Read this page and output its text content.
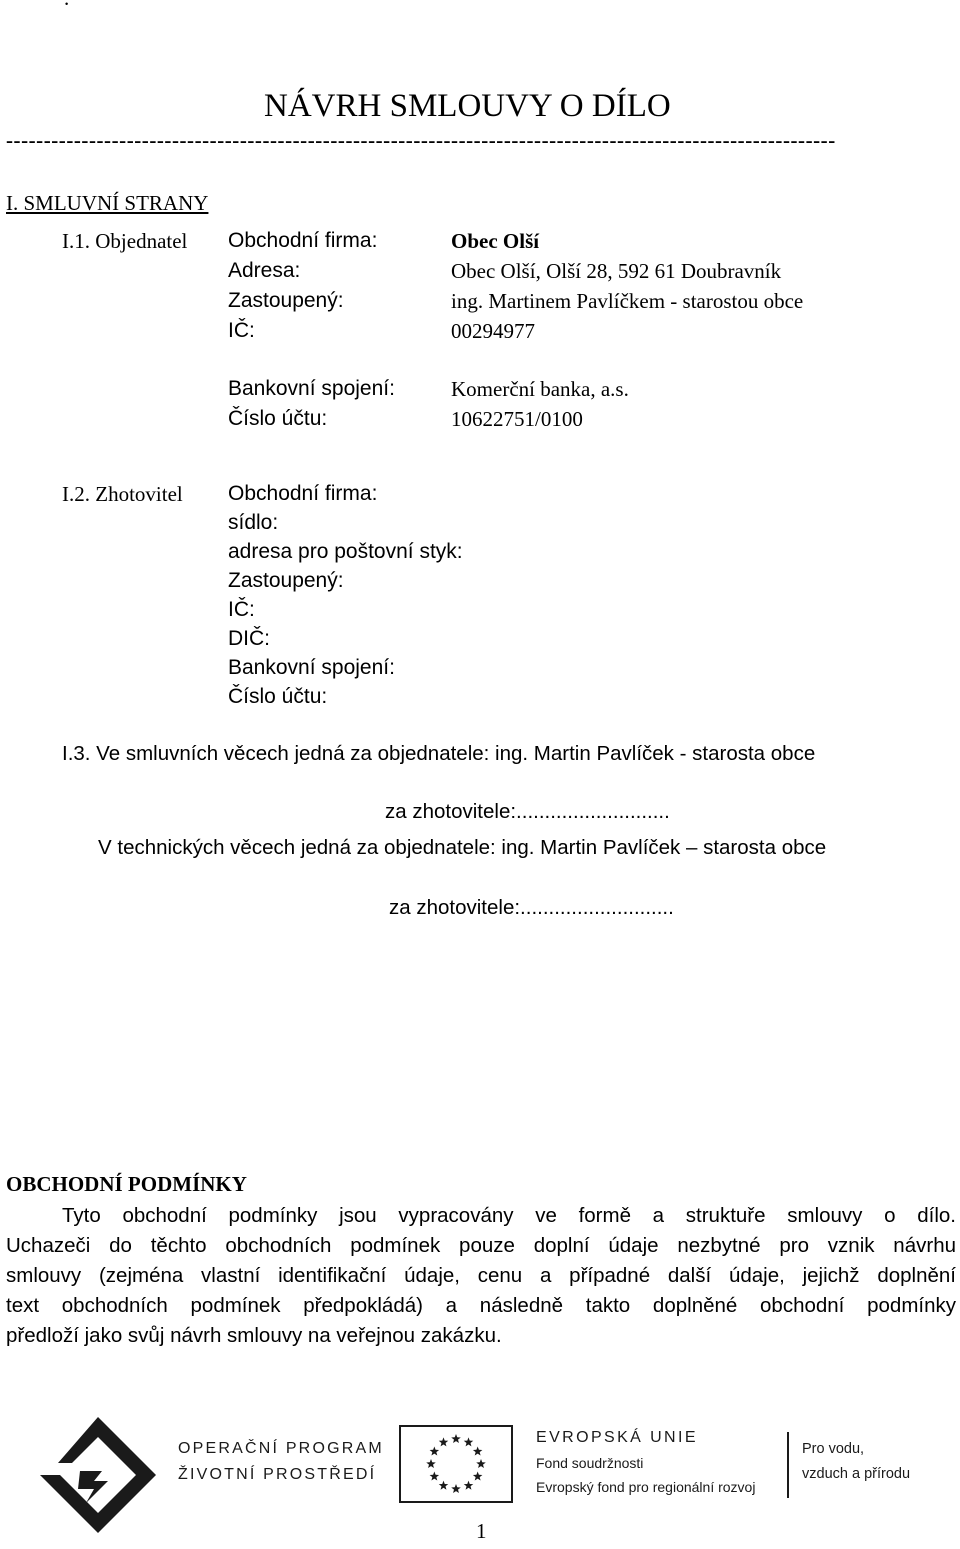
NÁVRH SMLOUVY O DÍLO
--------------------------------------------------------------------------------------------------------------
I. SMLUVNÍ STRANY
I.1. Objednatel Obchodní firma:	Obec Olší
Adresa:	Obec Olší, Olší 28, 592 61 Doubravník
Zastoupený:	ing. Martinem Pavlíčkem - starostou obce
IČ:	00294977
Bankovní spojení:	Komerční banka, a.s.
Číslo účtu:	10622751/0100
I.2. Zhotovitel Obchodní firma:
sídlo:
adresa pro poštovní styk:
Zastoupený:
IČ:
DIČ:
Bankovní spojení:
Číslo účtu:
I.3. Ve smluvních věcech jedná za objednatele: ing. Martin Pavlíček - starosta obce
za zhotovitele:...........................
V technických věcech jedná za objednatele: ing. Martin Pavlíček – starosta obce
za zhotovitele:...........................
OBCHODNÍ PODMÍNKY
Tyto obchodní podmínky jsou vypracovány ve formě a struktuře smlouvy o dílo.
Uchazeči do těchto obchodních podmínek pouze doplní údaje nezbytné pro vznik návrhu
smlouvy (zejména vlastní identifikační údaje, cenu a případné další údaje, jejichž doplnění
text obchodních podmínek předpokládá) a následně takto doplněné obchodní podmínky
předloží jako svůj návrh smlouvy na veřejnou zakázku.
OPERAČNÍ PROGRAM
ŽIVOTNÍ PROSTŘEDÍ
EVROPSKÁ UNIE
Fond soudržnosti
Evropský fond pro regionální rozvoj
Pro vodu,
vzduch a přírodu
1
